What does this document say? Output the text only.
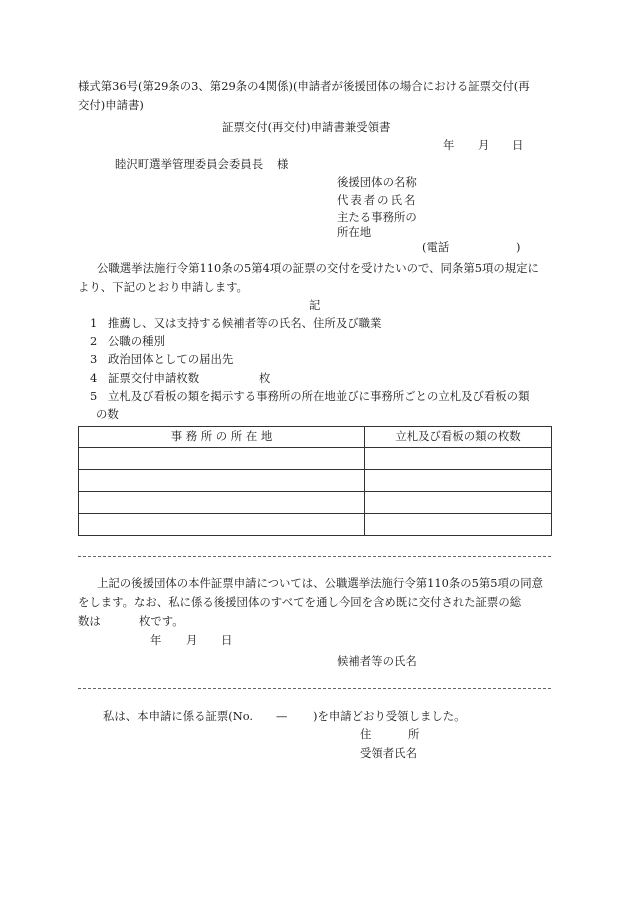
様式第36号(第29条の3、第29条の4関係)(申請者が後援団体の場合における証票交付(再
交付)申請書)
証票交付(再交付)申請書兼受領書
年 月 日
睦沢町選挙管理委員会委員長 様
後援団体の名称
代表者の氏名
主たる事務所の
所在地
(電話	)
公職選挙法施行令第110条の5第4項の証票の交付を受けたいので、同条第5項の規定に
より、下記のとおり申請します。
記
1 推薦し、又は支持する候補者等の氏名、住所及び職業
2 公職の種別
3 政治団体としての届出先
4 証票交付申請枚数	枚
5 立札及び看板の類を掲示する事務所の所在地並びに事務所ごとの立札及び看板の類
の数
事 務 所 の 所 在 地	立札及び看板の類の枚数

上記の後援団体の本件証票申請については、公職選挙法施行令第110条の5第5項の同意
をします。なお、私に係る後援団体のすべてを通し今回を含め既に交付された証票の総
数は	枚です。
年 月 日
候補者等の氏名
私は、本申請に係る証票(No. — )を申請どおり受領しました。
住	所
受領者氏名
